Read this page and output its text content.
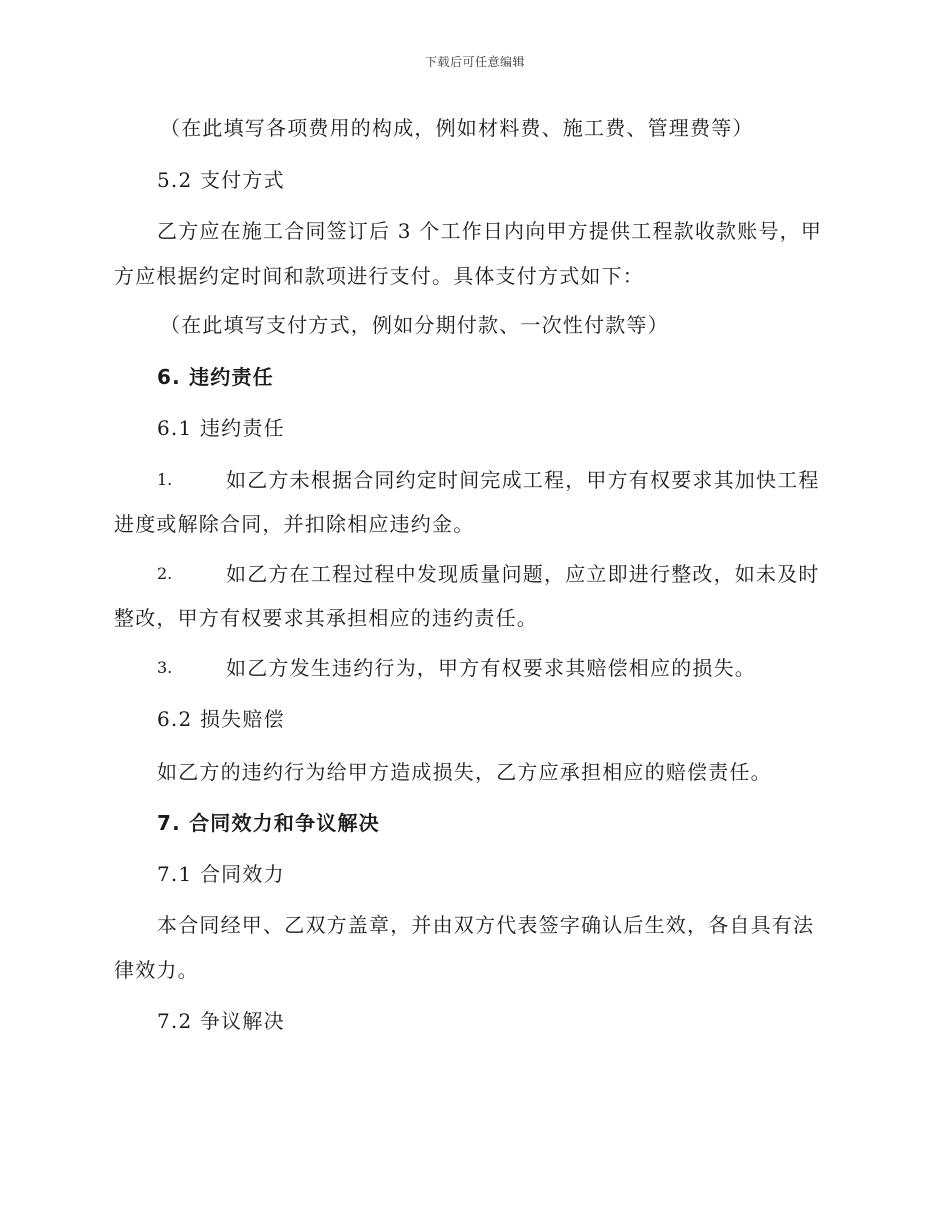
下载后可任意编辑
（在此填写各项费用的构成，例如材料费、施工费、管理费等）
5.2 支付方式
乙方应在施工合同签订后 3 个工作日内向甲方提供工程款收款账号，甲
方应根据约定时间和款项进行支付。具体支付方式如下：
（在此填写支付方式，例如分期付款、一次性付款等）
6. 违约责任
6.1 违约责任
1.	如乙方未根据合同约定时间完成工程，甲方有权要求其加快工程
进度或解除合同，并扣除相应违约金。
2.	如乙方在工程过程中发现质量问题，应立即进行整改，如未及时
整改，甲方有权要求其承担相应的违约责任。
3.	如乙方发生违约行为，甲方有权要求其赔偿相应的损失。
6.2 损失赔偿
如乙方的违约行为给甲方造成损失，乙方应承担相应的赔偿责任。
7. 合同效力和争议解决
7.1 合同效力
本合同经甲、乙双方盖章，并由双方代表签字确认后生效，各自具有法
律效力。
7.2 争议解决
